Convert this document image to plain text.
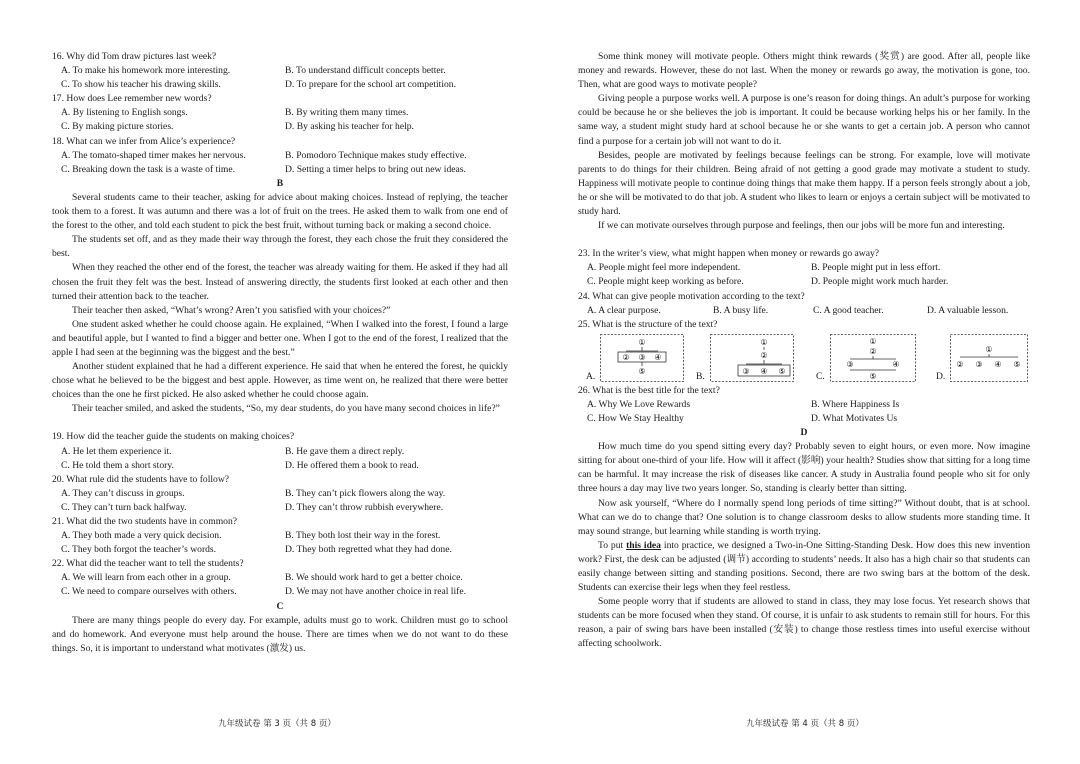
16. Why did Tom draw pictures last week?

A. To make his homework more interesting.	B. To understand difficult concepts better.
C. To show his teacher his drawing skills.	D. To prepare for the school art competition.

17. How does Lee remember new words?

A. By listening to English songs.	B. By writing them many times.
C. By making picture stories.	D. By asking his teacher for help.

18. What can we infer from Alice’s experience?

A. The tomato-shaped timer makes her nervous.	B. Pomodoro Technique makes study effective.
C. Breaking down the task is a waste of time.	D. Setting a timer helps to bring out new ideas.

B

Several students came to their teacher, asking for advice about making choices. Instead of replying, the teacher took them to a forest. It was autumn and there was a lot of fruit on the trees. He asked them to walk from one end of the forest to the other, and told each student to pick the best fruit, without turning back or making a second choice.

The students set off, and as they made their way through the forest, they each chose the fruit they considered the best.

When they reached the other end of the forest, the teacher was already waiting for them. He asked if they had all chosen the fruit they felt was the best. Instead of answering directly, the students first looked at each other and then turned their attention back to the teacher.

Their teacher then asked, “What’s wrong? Aren’t you satisfied with your choices?”

One student asked whether he could choose again. He explained, “When I walked into the forest, I found a large and beautiful apple, but I wanted to find a bigger and better one. When I got to the end of the forest, I realized that the apple I had seen at the beginning was the biggest and the best.”

Another student explained that he had a different experience. He said that when he entered the forest, he quickly chose what he believed to be the biggest and best apple. However, as time went on, he realized that there were better choices than the one he first picked. He also asked whether he could choose again.

Their teacher smiled, and asked the students, “So, my dear students, do you have many second choices in life?”

19. How did the teacher guide the students on making choices?

A. He let them experience it.	B. He gave them a direct reply.
C. He told them a short story.	D. He offered them a book to read.

20. What rule did the students have to follow?

A. They can’t discuss in groups.	B. They can’t pick flowers along the way.
C. They can’t turn back halfway.	D. They can’t throw rubbish everywhere.

21. What did the two students have in common?

A. They both made a very quick decision.	B. They both lost their way in the forest.
C. They both forgot the teacher’s words.	D. They both regretted what they had done.

22. What did the teacher want to tell the students?

A. We will learn from each other in a group.	B. We should work hard to get a better choice.
C. We need to compare ourselves with others.	D. We may not have another choice in real life.

C

There are many things people do every day. For example, adults must go to work. Children must go to school and do homework. And everyone must help around the house. There are times when we do not want to do these things. So, it is important to understand what motivates (激发) us.

九年级试卷 第 3 页（共 8 页）

Some think money will motivate people. Others might think rewards (奖赏) are good. After all, people like money and rewards. However, these do not last. When the money or rewards go away, the motivation is gone, too. Then, what are good ways to motivate people?

Giving people a purpose works well. A purpose is one’s reason for doing things. An adult’s purpose for working could be because he or she believes the job is important. It could be because working helps his or her family. In the same way, a student might study hard at school because he or she wants to get a certain job. A person who cannot find a purpose for a certain job will not want to do it.

Besides, people are motivated by feelings because feelings can be strong. For example, love will motivate parents to do things for their children. Being afraid of not getting a good grade may motivate a student to study. Happiness will motivate people to continue doing things that make them happy. If a person feels strongly about a job, he or she will be motivated to do that job. A student who likes to learn or enjoys a certain subject will be motivated to study hard.

If we can motivate ourselves through purpose and feelings, then our jobs will be more fun and interesting.

23. In the writer’s view, what might happen when money or rewards go away?

A. People might feel more independent.	B. People might put in less effort.
C. People might keep working as before.	D. People might work much harder.

24. What can give people motivation according to the text?

A. A clear purpose.	B. A busy life.	C. A good teacher.	D. A valuable lesson.

25. What is the structure of the text?

A.
①
② ③ ④
⑤	B.
①
②
③ ④ ⑤	C.
①
②
③	④
⑤	D.
①
② ③ ④ ⑤

26. What is the best title for the text?

A. Why We Love Rewards	B. Where Happiness Is
C. How We Stay Healthy	D. What Motivates Us

D

How much time do you spend sitting every day? Probably seven to eight hours, or even more. Now imagine sitting for about one-third of your life. How will it affect (影响) your health? Studies show that sitting for a long time can be harmful. It may increase the risk of diseases like cancer. A study in Australia found people who sit for only three hours a day may live two years longer. So, standing is clearly better than sitting.

Now ask yourself, “Where do I normally spend long periods of time sitting?” Without doubt, that is at school. What can we do to change that? One solution is to change classroom desks to allow students more standing time. It may sound strange, but learning while standing is worth trying.

To put this idea into practice, we designed a Two-in-One Sitting-Standing Desk. How does this new invention work? First, the desk can be adjusted (调节) according to students’ needs. It also has a high chair so that students can easily change between sitting and standing positions. Second, there are two swing bars at the bottom of the desk. Students can exercise their legs when they feel restless.

Some people worry that if students are allowed to stand in class, they may lose focus. Yet research shows that students can be more focused when they stand. Of course, it is unfair to ask students to remain still for hours. For this reason, a pair of swing bars have been installed (安装) to change those restless times into useful exercise without affecting schoolwork.

九年级试卷 第 4 页（共 8 页）
